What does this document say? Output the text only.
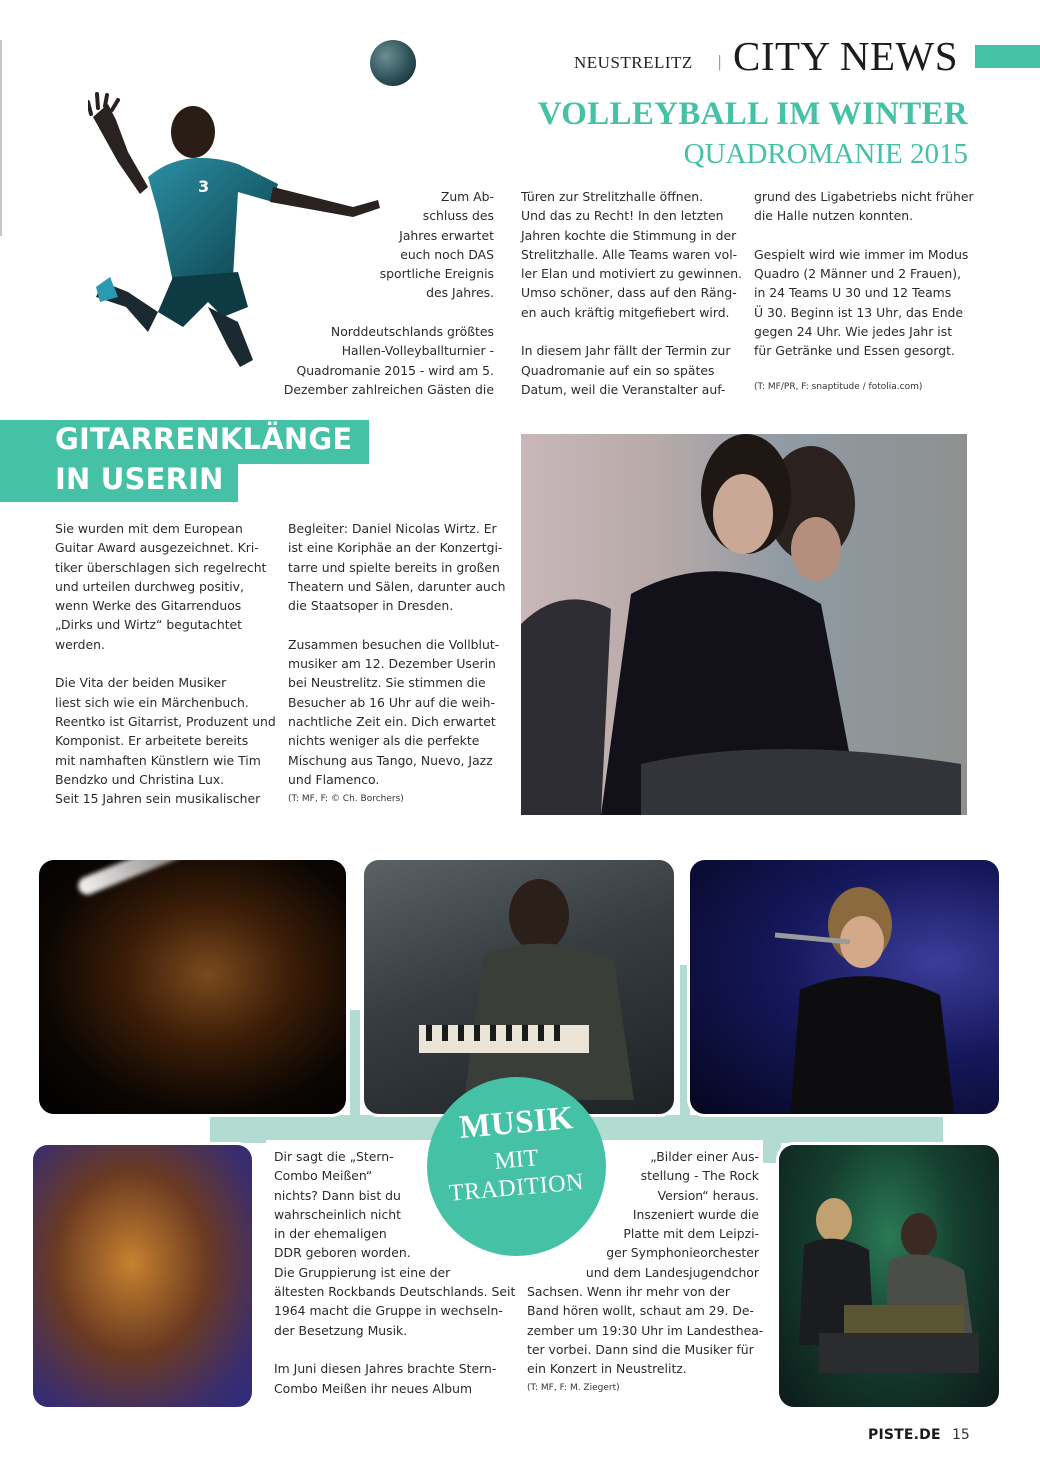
NEUSTRELITZ | CITY NEWS
VOLLEYBALL IM WINTER
QUADROMANIE 2015
3

Zum Ab-

schluss des

Jahres erwartet

euch noch DAS

sportliche Ereignis

des Jahres.

Norddeutschlands größtes

Hallen-Volleyballturnier -

Quadromanie 2015 - wird am 5.

Dezember zahlreichen Gästen die

Türen zur Strelitzhalle öffnen.

Und das zu Recht! In den letzten

Jahren kochte die Stimmung in der

Strelitzhalle. Alle Teams waren vol-

ler Elan und motiviert zu gewinnen.

Umso schöner, dass auf den Räng-

en auch kräftig mitgefiebert wird.

In diesem Jahr fällt der Termin zur

Quadromanie auf ein so spätes

Datum, weil die Veranstalter auf-

grund des Ligabetriebs nicht früher

die Halle nutzen konnten.

Gespielt wird wie immer im Modus

Quadro (2 Männer und 2 Frauen),

in 24 Teams U 30 und 12 Teams

Ü 30. Beginn ist 13 Uhr, das Ende

gegen 24 Uhr. Wie jedes Jahr ist

für Getränke und Essen gesorgt.

(T: MF/PR, F: snaptitude / fotolia.com)

GITARRENKLÄNGE
IN USERIN

Sie wurden mit dem European

Guitar Award ausgezeichnet. Kri-

tiker überschlagen sich regelrecht

und urteilen durchweg positiv,

wenn Werke des Gitarrenduos

„Dirks und Wirtz“ begutachtet

werden.

Die Vita der beiden Musiker

liest sich wie ein Märchenbuch.

Reentko ist Gitarrist, Produzent und

Komponist. Er arbeitete bereits

mit namhaften Künstlern wie Tim

Bendzko und Christina Lux.

Seit 15 Jahren sein musikalischer

Begleiter: Daniel Nicolas Wirtz. Er

ist eine Koriphäe an der Konzertgi-

tarre und spielte bereits in großen

Theatern und Sälen, darunter auch

die Staatsoper in Dresden.

Zusammen besuchen die Vollblut-

musiker am 12. Dezember Userin

bei Neustrelitz. Sie stimmen die

Besucher ab 16 Uhr auf die weih-

nachtliche Zeit ein. Dich erwartet

nichts weniger als die perfekte

Mischung aus Tango, Nuevo, Jazz

und Flamenco.

(T: MF, F: © Ch. Borchers)

MUSIK
MIT
TRADITION

Dir sagt die „Stern-

Combo Meißen“

nichts? Dann bist du

wahrscheinlich nicht

in der ehemaligen

DDR geboren worden.

Die Gruppierung ist eine der

ältesten Rockbands Deutschlands. Seit

1964 macht die Gruppe in wechseln-

der Besetzung Musik.

Im Juni diesen Jahres brachte Stern-

Combo Meißen ihr neues Album

„Bilder einer Aus-

stellung - The Rock

Version“ heraus.

Inszeniert wurde die

Platte mit dem Leipzi-

ger Symphonieorchester

und dem Landesjugendchor

Sachsen. Wenn ihr mehr von der

Band hören wollt, schaut am 29. De-

zember um 19:30 Uhr im Landesthea-

ter vorbei. Dann sind die Musiker für

ein Konzert in Neustrelitz.

(T: MF, F: M. Ziegert)

PISTE.DE 15
